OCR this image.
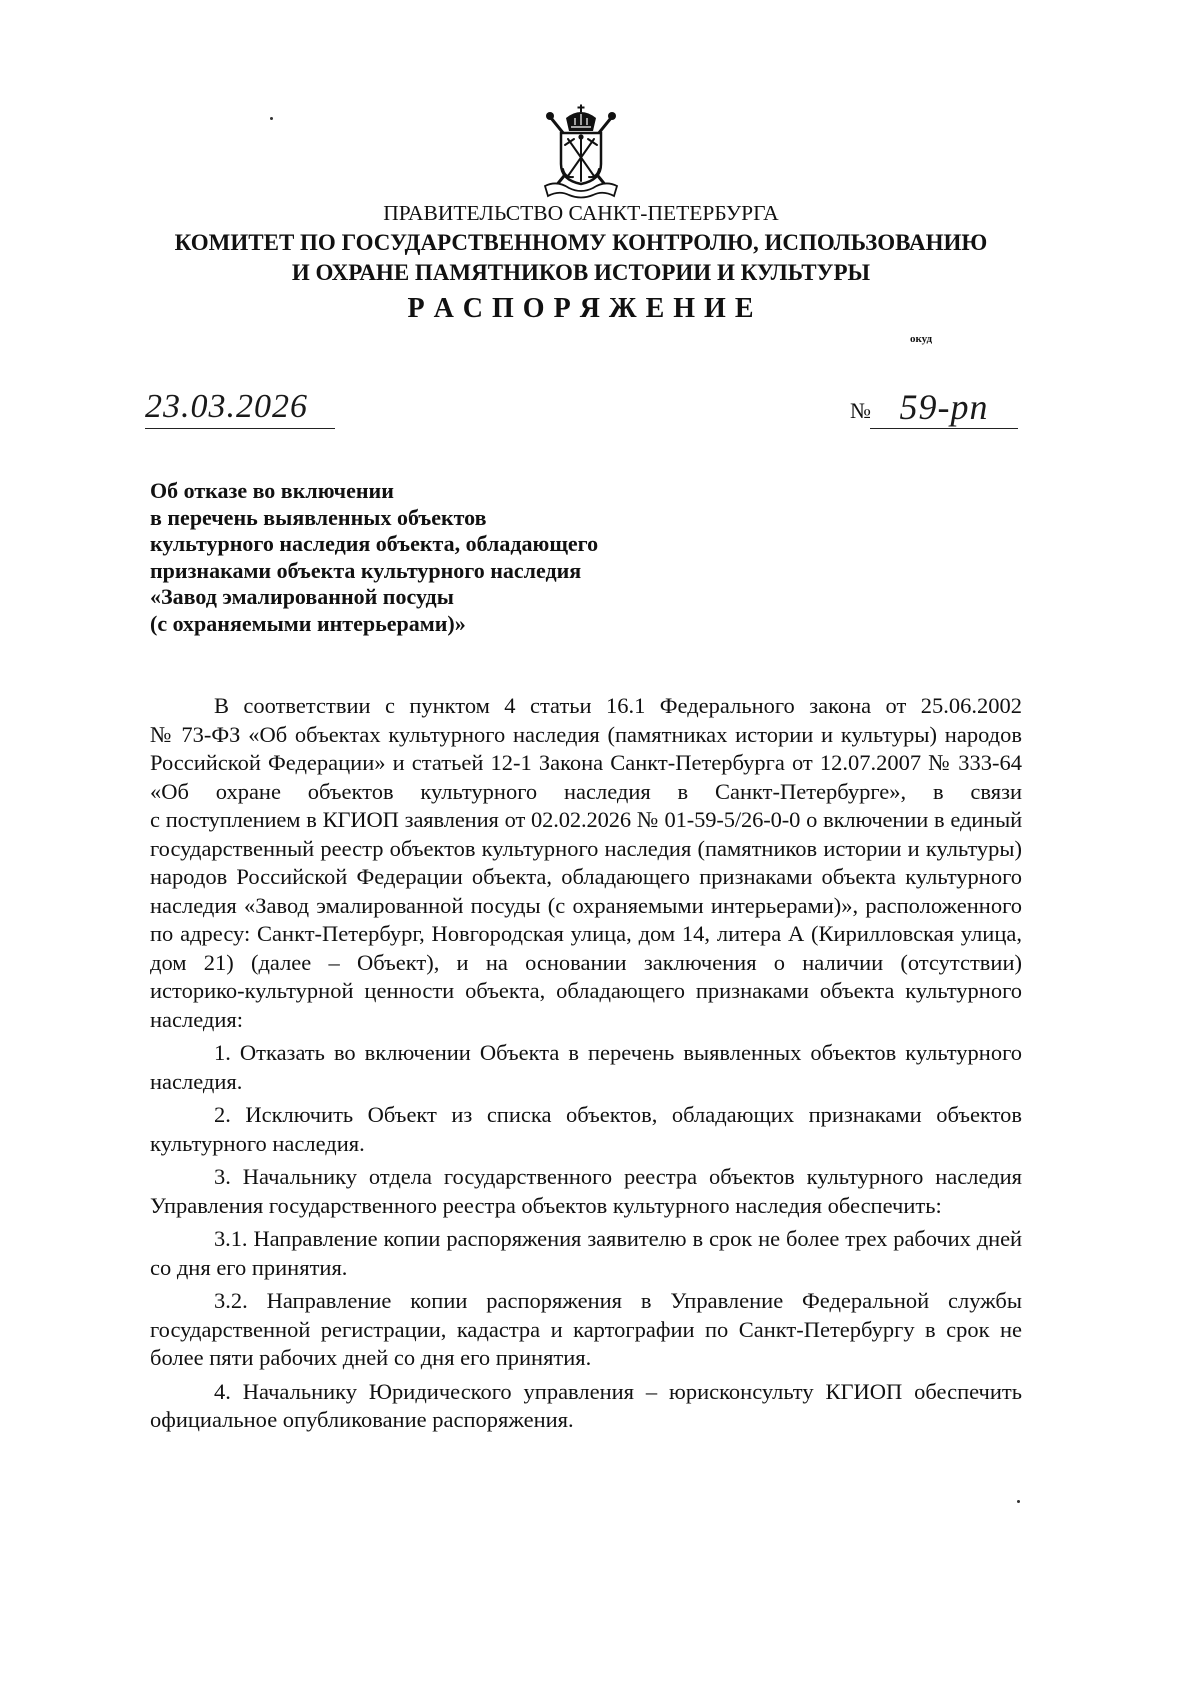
ПРАВИТЕЛЬСТВО САНКТ-ПЕТЕРБУРГА
КОМИТЕТ ПО ГОСУДАРСТВЕННОМУ КОНТРОЛЮ, ИСПОЛЬЗОВАНИЮ
И ОХРАНЕ ПАМЯТНИКОВ ИСТОРИИ И КУЛЬТУРЫ
Р А С П О Р Я Ж Е Н И Е
окуд
23.03.2026	№ 59-рп
Об отказе во включении
в перечень выявленных объектов
культурного наследия объекта, обладающего
признаками объекта культурного наследия
«Завод эмалированной посуды
(с охраняемыми интерьерами)»
В соответствии с пунктом 4 статьи 16.1 Федерального закона от 25.06.2002
№ 73-ФЗ «Об объектах культурного наследия (памятниках истории и культуры) народов
Российской Федерации» и статьей 12-1 Закона Санкт-Петербурга от 12.07.2007 № 333-64
«Об охране объектов культурного наследия в Санкт-Петербурге», в связи
с поступлением в КГИОП заявления от 02.02.2026 № 01-59-5/26-0-0 о включении в единый
государственный реестр объектов культурного наследия (памятников истории и культуры)
народов Российской Федерации объекта, обладающего признаками объекта культурного
наследия «Завод эмалированной посуды (с охраняемыми интерьерами)», расположенного
по адресу: Санкт-Петербург, Новгородская улица, дом 14, литера А (Кирилловская улица,
дом 21) (далее – Объект), и на основании заключения о наличии (отсутствии)
историко-культурной ценности объекта, обладающего признаками объекта культурного
наследия:
1. Отказать во включении Объекта в перечень выявленных объектов культурного
наследия.
2. Исключить Объект из списка объектов, обладающих признаками объектов
культурного наследия.
3. Начальнику отдела государственного реестра объектов культурного наследия
Управления государственного реестра объектов культурного наследия обеспечить:
3.1. Направление копии распоряжения заявителю в срок не более трех рабочих дней
со дня его принятия.
3.2. Направление копии распоряжения в Управление Федеральной службы
государственной регистрации, кадастра и картографии по Санкт-Петербургу в срок не
более пяти рабочих дней со дня его принятия.
4. Начальнику Юридического управления – юрисконсульту КГИОП обеспечить
официальное опубликование распоряжения.
